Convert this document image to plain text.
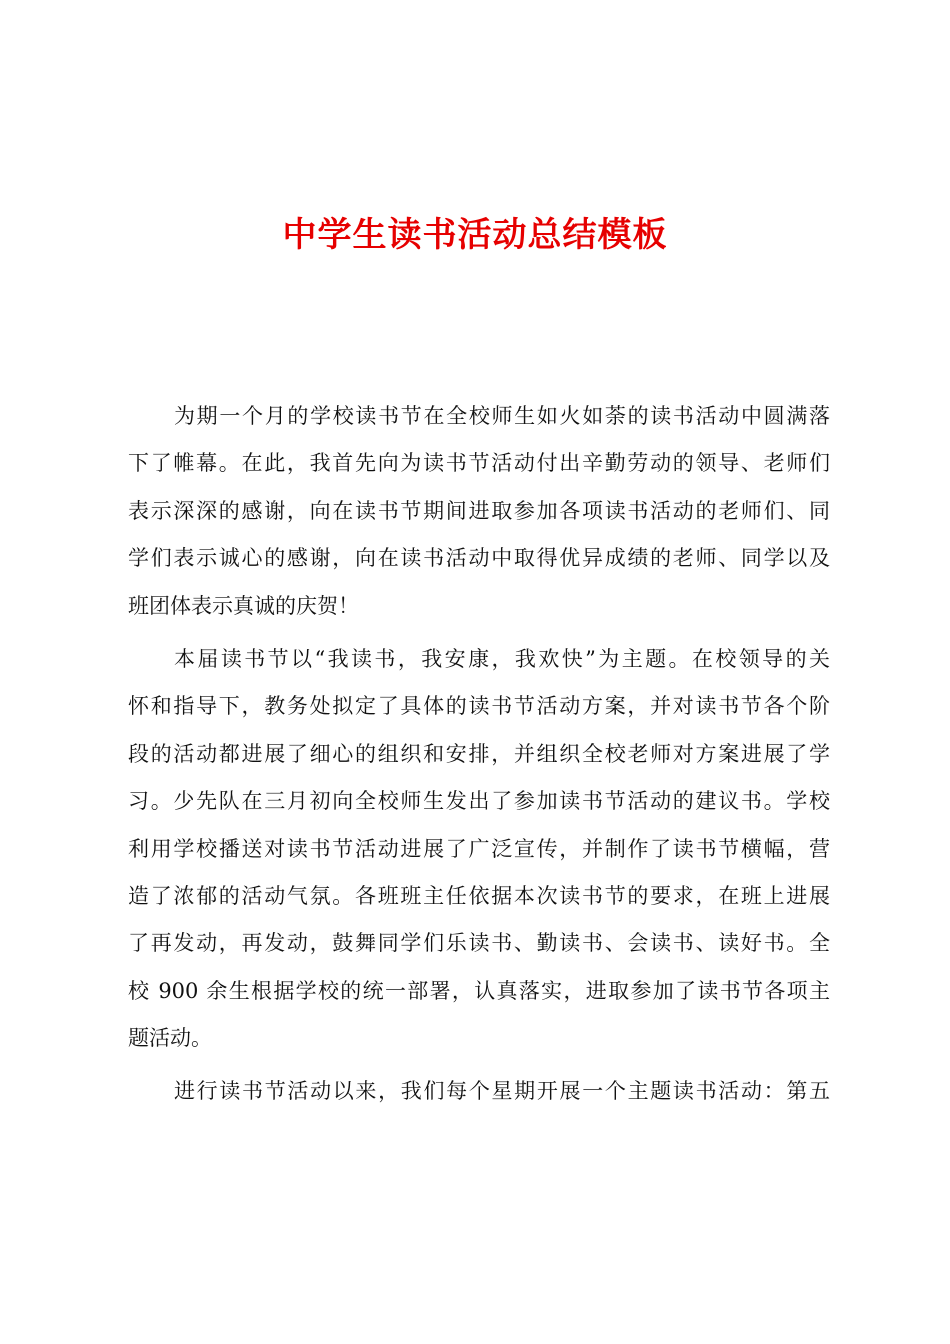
中学生读书活动总结模板
为期一个月的学校读书节在全校师生如火如荼的读书活动中圆满落
下了帷幕。在此，我首先向为读书节活动付出辛勤劳动的领导、老师们
表示深深的感谢，向在读书节期间进取参加各项读书活动的老师们、同
学们表示诚心的感谢，向在读书活动中取得优异成绩的老师、同学以及
班团体表示真诚的庆贺！
本届读书节以“我读书，我安康，我欢快”为主题。在校领导的关
怀和指导下，教务处拟定了具体的读书节活动方案，并对读书节各个阶
段的活动都进展了细心的组织和安排，并组织全校老师对方案进展了学
习。少先队在三月初向全校师生发出了参加读书节活动的建议书。学校
利用学校播送对读书节活动进展了广泛宣传，并制作了读书节横幅，营
造了浓郁的活动气氛。各班班主任依据本次读书节的要求，在班上进展
了再发动，再发动，鼓舞同学们乐读书、勤读书、会读书、读好书。全
校 900 余生根据学校的统一部署，认真落实，进取参加了读书节各项主
题活动。
进行读书节活动以来，我们每个星期开展一个主题读书活动：第五
